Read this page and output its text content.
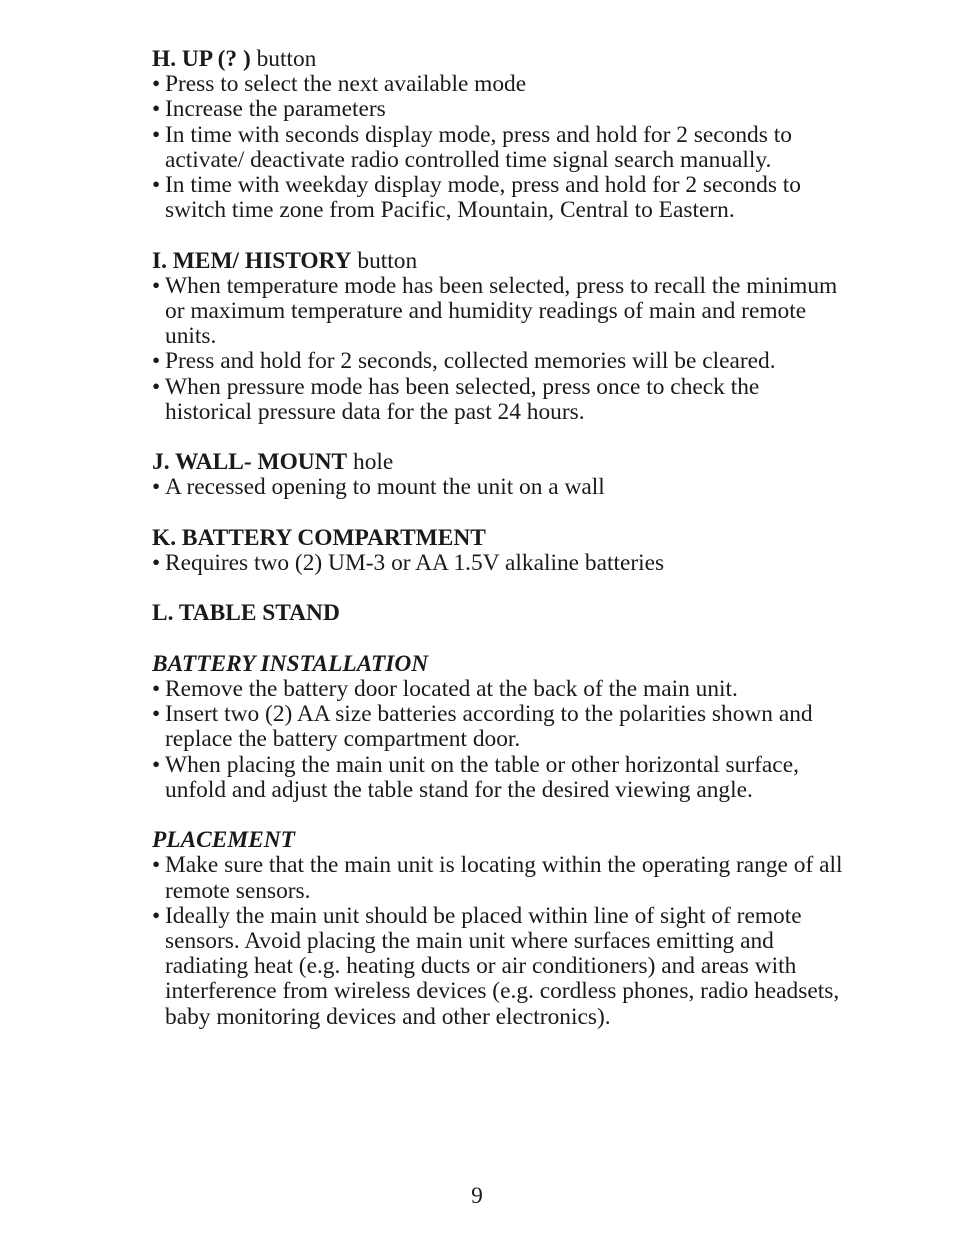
H. UP (? ) button

• Press to select the next available mode
• Increase the parameters
• In time with seconds display mode, press and hold for 2 seconds to activate/ deactivate radio controlled time signal search manually.
• In time with weekday display mode, press and hold for 2 seconds to switch time zone from Pacific, Mountain, Central to Eastern.

I. MEM/ HISTORY button

• When temperature mode has been selected, press to recall the minimum or maximum temperature and humidity readings of main and remote units.
• Press and hold for 2 seconds, collected memories will be cleared.
• When pressure mode has been selected, press once to check the historical pressure data for the past 24 hours.

J. WALL- MOUNT hole

• A recessed opening to mount the unit on a wall

K. BATTERY COMPARTMENT

• Requires two (2) UM-3 or AA 1.5V alkaline batteries

L. TABLE STAND

BATTERY INSTALLATION

• Remove the battery door located at the back of the main unit.
• Insert two (2) AA size batteries according to the polarities shown and replace the battery compartment door.
• When placing the main unit on the table or other horizontal surface, unfold and adjust the table stand for the desired viewing angle.

PLACEMENT

• Make sure that the main unit is locating within the operating range of all remote sensors.
• Ideally the main unit should be placed within line of sight of remote sensors. Avoid placing the main unit where surfaces emitting and radiating heat (e.g. heating ducts or air conditioners) and areas with interference from wireless devices (e.g. cordless phones, radio headsets, baby monitoring devices and other electronics).
9
